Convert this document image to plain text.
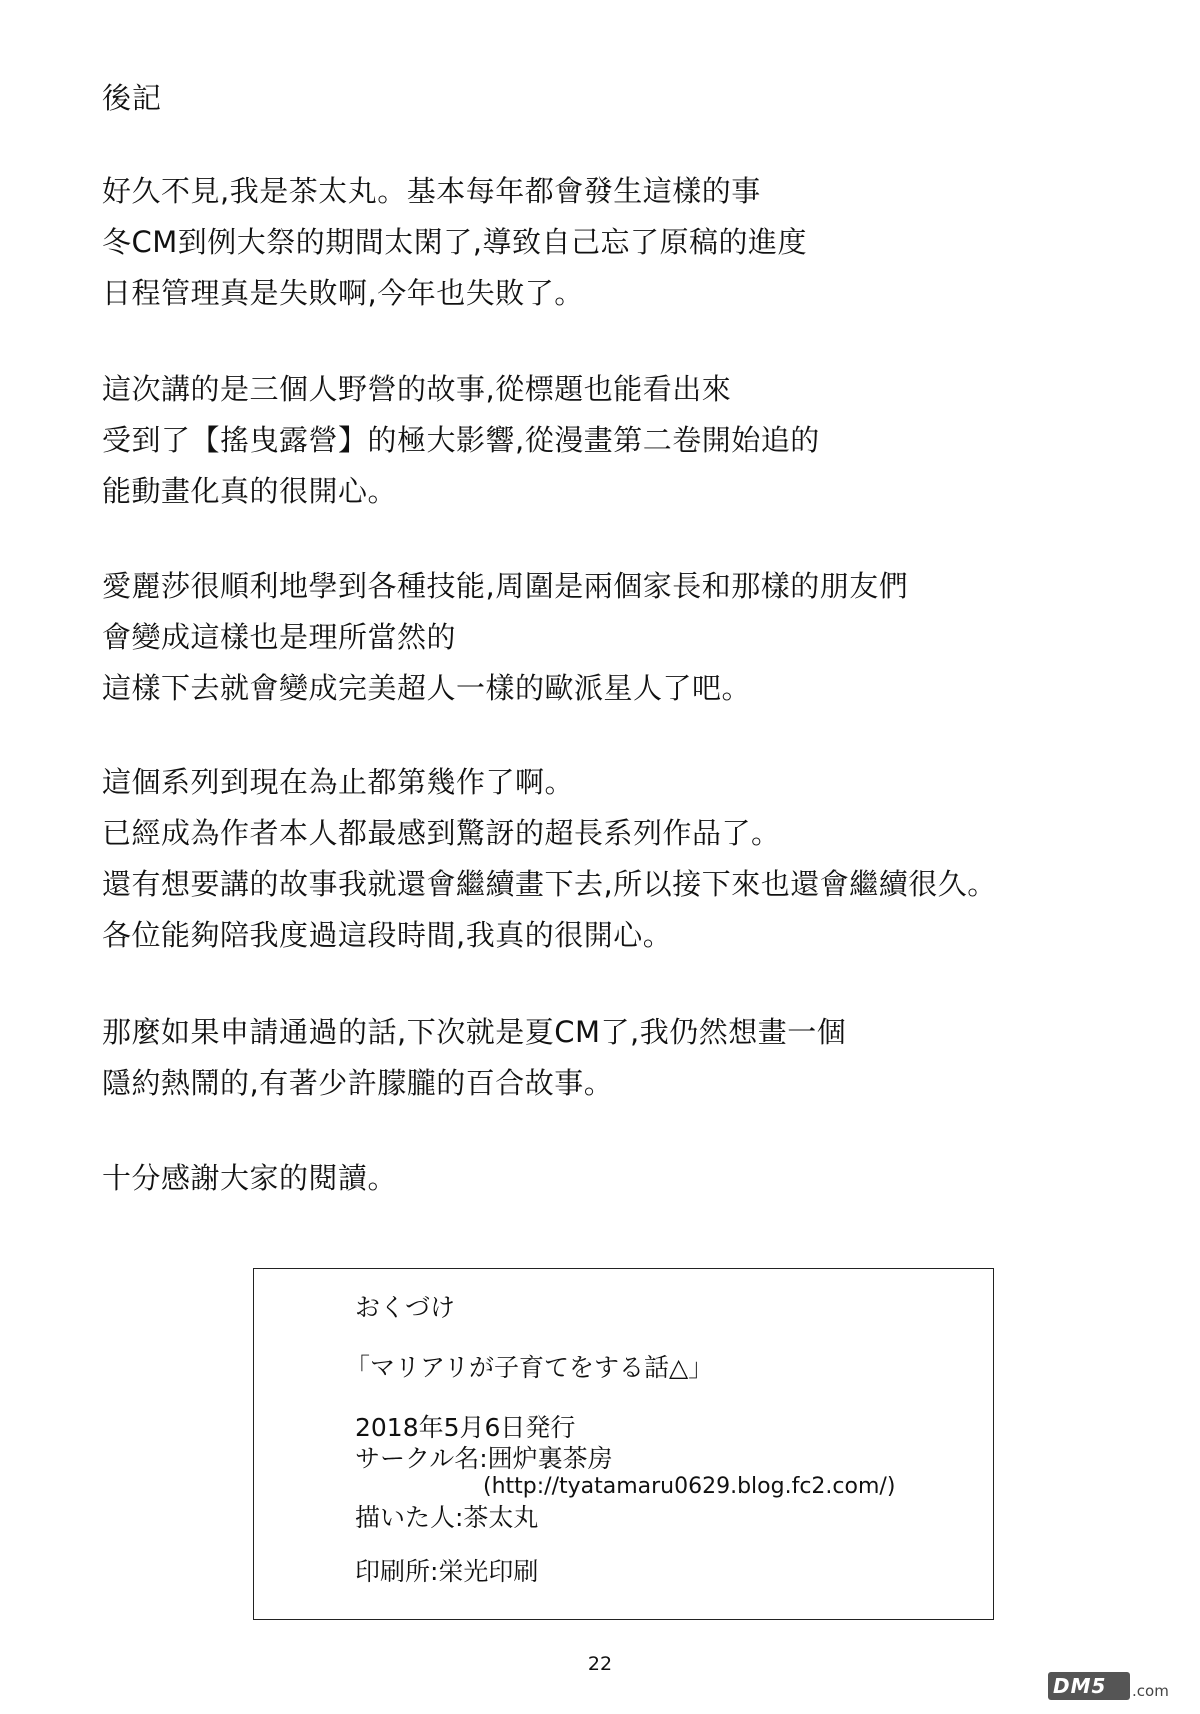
後記
好久不見,我是茶太丸。基本每年都會發生這樣的事
冬CM到例大祭的期間太閑了,導致自己忘了原稿的進度
日程管理真是失敗啊,今年也失敗了。
這次講的是三個人野營的故事,從標題也能看出來
受到了【搖曳露營】的極大影響,從漫畫第二卷開始追的
能動畫化真的很開心。
愛麗莎很順利地學到各種技能,周圍是兩個家長和那樣的朋友們
會變成這樣也是理所當然的
這樣下去就會變成完美超人一樣的歐派星人了吧。
這個系列到現在為止都第幾作了啊。
已經成為作者本人都最感到驚訝的超長系列作品了。
還有想要講的故事我就還會繼續畫下去,所以接下來也還會繼續很久。
各位能夠陪我度過這段時間,我真的很開心。
那麼如果申請通過的話,下次就是夏CM了,我仍然想畫一個
隱約熱鬧的,有著少許朦朧的百合故事。
十分感謝大家的閱讀。
おくづけ
「マリアリが子育てをする話△」
2018年5月6日発行
サークル名:囲炉裏茶房
(http://tyatamaru0629.blog.fc2.com/)
描いた人:茶太丸
印刷所:栄光印刷
22
DM5 .com
